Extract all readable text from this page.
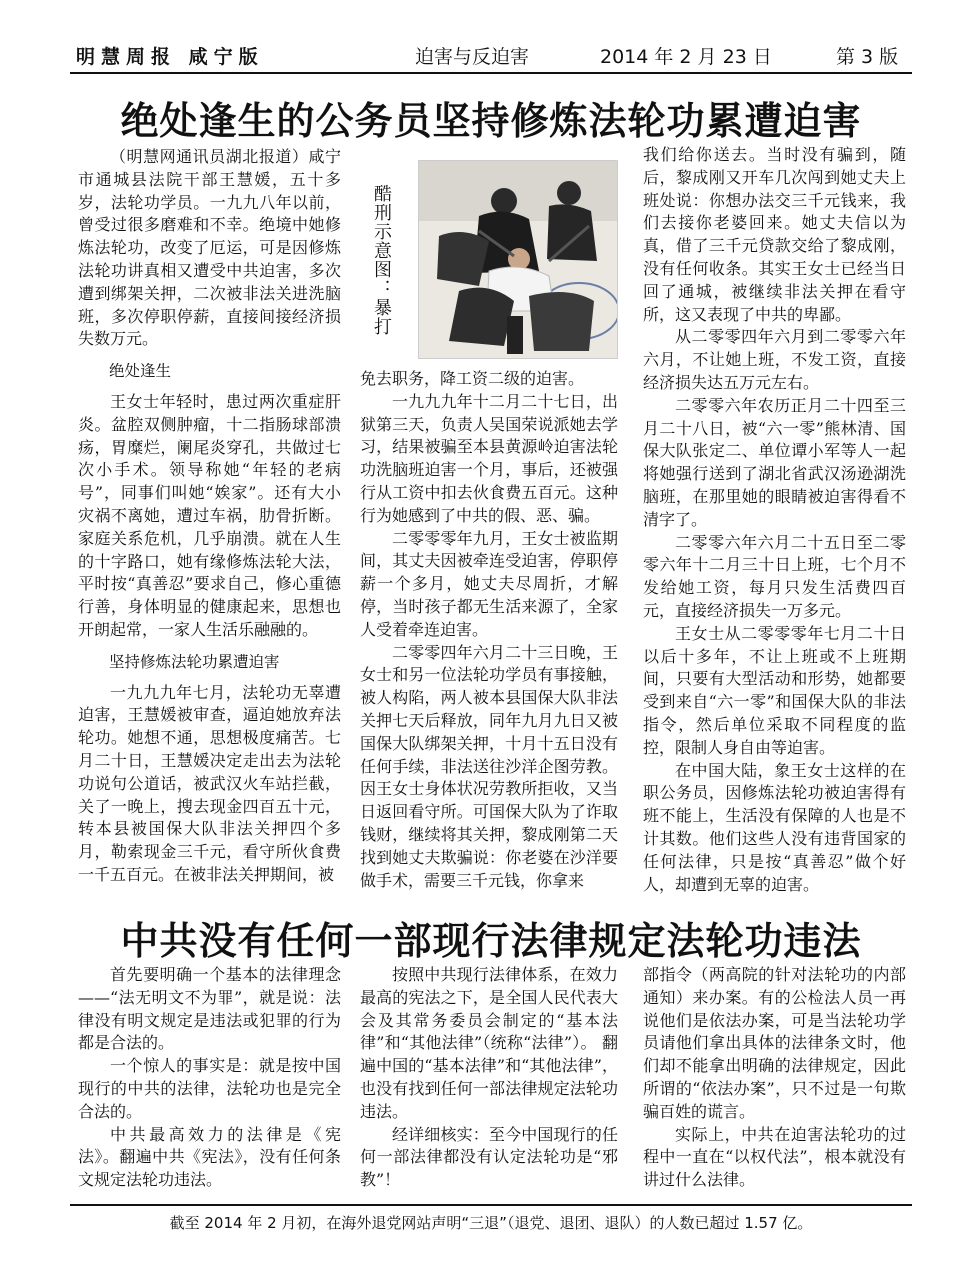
明慧周报 咸宁版	迫害与反迫害	2014 年 2 月 23 日	第 3 版
绝处逢生的公务员坚持修炼法轮功累遭迫害

（明慧网通讯员湖北报道）咸宁市通城县法院干部王慧媛，五十多岁，法轮功学员。一九九八年以前，曾受过很多磨难和不幸。绝境中她修炼法轮功，改变了厄运，可是因修炼法轮功讲真相又遭受中共迫害，多次遭到绑架关押，二次被非法关进洗脑班，多次停职停薪，直接间接经济损失数万元。

绝处逢生

王女士年轻时，患过两次重症肝炎。盆腔双侧肿瘤，十二指肠球部溃疡，胃糜烂，阑尾炎穿孔，共做过七次小手术。领导称她“年轻的老病号”，同事们叫她“娭家”。还有大小灾祸不离她，遭过车祸，肋骨折断。家庭关系危机，几乎崩溃。就在人生的十字路口，她有缘修炼法轮大法，平时按“真善忍”要求自己，修心重德行善，身体明显的健康起来，思想也开朗起常，一家人生活乐融融的。

坚持修炼法轮功累遭迫害

一九九九年七月，法轮功无辜遭迫害，王慧媛被审查，逼迫她放弃法轮功。她想不通，思想极度痛苦。七月二十日，王慧媛决定走出去为法轮功说句公道话，被武汉火车站拦截，关了一晚上，搜去现金四百五十元，转本县被国保大队非法关押四个多月，勒索现金三千元，看守所伙食费一千五百元。在被非法关押期间，被

酷刑示意图：暴打

免去职务，降工资二级的迫害。

一九九九年十二月二十七日，出狱第三天，负责人吴国荣说派她去学习，结果被骗至本县黄源岭迫害法轮功洗脑班迫害一个月，事后，还被强行从工资中扣去伙食费五百元。这种行为她感到了中共的假、恶、骗。

二零零零年九月，王女士被监期间，其丈夫因被牵连受迫害，停职停薪一个多月，她丈夫尽周折，才解停，当时孩子都无生活来源了，全家人受着牵连迫害。

二零零四年六月二十三日晚，王女士和另一位法轮功学员有事接触，被人构陷，两人被本县国保大队非法关押七天后释放，同年九月九日又被国保大队绑架关押，十月十五日没有任何手续，非法送往沙洋企图劳教。因王女士身体状况劳教所拒收，又当日返回看守所。可国保大队为了诈取钱财，继续将其关押，黎成刚第二天找到她丈夫欺骗说：你老婆在沙洋要做手术，需要三千元钱，你拿来

我们给你送去。当时没有骗到，随后，黎成刚又开车几次闯到她丈夫上班处说：你想办法交三千元钱来，我们去接你老婆回来。她丈夫信以为真，借了三千元贷款交给了黎成刚，没有任何收条。其实王女士已经当日回了通城，被继续非法关押在看守所，这又表现了中共的卑鄙。

从二零零四年六月到二零零六年六月，不让她上班，不发工资，直接经济损失达五万元左右。

二零零六年农历正月二十四至三月二十八日，被“六一零”熊林清、国保大队张定二、单位谭小军等人一起将她强行送到了湖北省武汉汤逊湖洗脑班，在那里她的眼睛被迫害得看不清字了。

二零零六年六月二十五日至二零零六年十二月三十日上班，七个月不发给她工资，每月只发生活费四百元，直接经济损失一万多元。

王女士从二零零零年七月二十日以后十多年，不让上班或不上班期间，只要有大型活动和形势，她都要受到来自“六一零”和国保大队的非法指令，然后单位采取不同程度的监控，限制人身自由等迫害。

在中国大陆，象王女士这样的在职公务员，因修炼法轮功被迫害得有班不能上，生活没有保障的人也是不计其数。他们这些人没有违背国家的任何法律，只是按“真善忍”做个好人，却遭到无辜的迫害。

中共没有任何一部现行法律规定法轮功违法

首先要明确一个基本的法律理念——“法无明文不为罪”，就是说：法律没有明文规定是违法或犯罪的行为都是合法的。

一个惊人的事实是：就是按中国现行的中共的法律，法轮功也是完全合法的。

中共最高效力的法律是《宪法》。翻遍中共《宪法》，没有任何条文规定法轮功违法。

按照中共现行法律体系，在效力最高的宪法之下，是全国人民代表大会及其常务委员会制定的“基本法律”和“其他法律”（统称“法律”）。 翻遍中国的“基本法律”和“其他法律”，也没有找到任何一部法律规定法轮功违法。

经详细核实：至今中国现行的任何一部法律都没有认定法轮功是“邪教”！

部指令（两高院的针对法轮功的内部通知）来办案。有的公检法人员一再说他们是依法办案，可是当法轮功学员请他们拿出具体的法律条文时，他们却不能拿出明确的法律规定，因此所谓的“依法办案”，只不过是一句欺骗百姓的谎言。

实际上，中共在迫害法轮功的过程中一直在“以权代法”，根本就没有讲过什么法律。

截至 2014 年 2 月初，在海外退党网站声明“三退”（退党、退团、退队）的人数已超过 1.57 亿。
